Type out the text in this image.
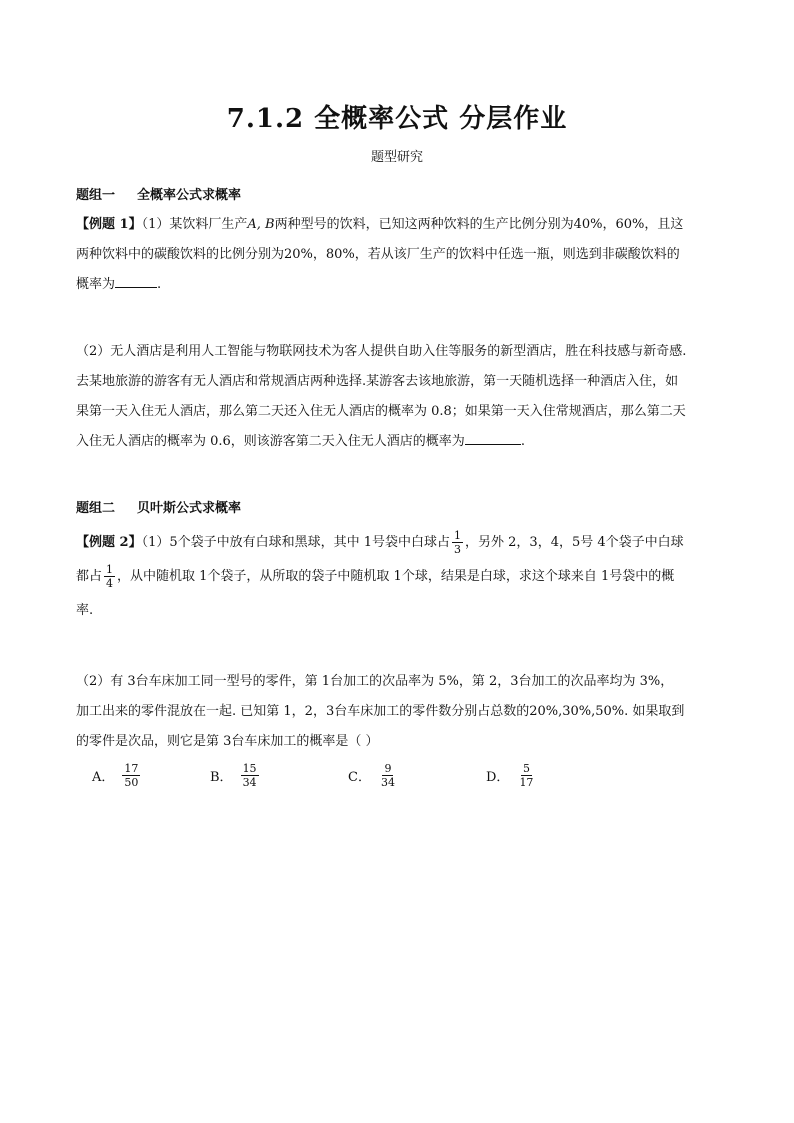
7.1.2 全概率公式 分层作业
题型研究
题组一 全概率公式求概率
【例题 1】（1）某饮料厂生产A, B两种型号的饮料，已知这两种饮料的生产比例分别为40%，60%，且这
两种饮料中的碳酸饮料的比例分别为20%，80%，若从该厂生产的饮料中任选一瓶，则选到非碳酸饮料的
概率为	.
（2）无人酒店是利用人工智能与物联网技术为客人提供自助入住等服务的新型酒店，胜在科技感与新奇感.
去某地旅游的游客有无人酒店和常规酒店两种选择.某游客去该地旅游，第一天随机选择一种酒店入住，如
果第一天入住无人酒店，那么第二天还入住无人酒店的概率为 0.8；如果第一天入住常规酒店，那么第二天
入住无人酒店的概率为 0.6，则该游客第二天入住无人酒店的概率为	.
题组二 贝叶斯公式求概率
【例题 2】（1）5个袋子中放有白球和黑球，其中 1号袋中白球占 $\frac{1}{3}$ ，另外 2，3，4，5号 4个袋子中白球
都占 $\frac{1}{4}$ ，从中随机取 1个袋子，从所取的袋子中随机取 1个球，结果是白球，求这个球来自 1号袋中的概
率.
（2）有 3台车床加工同一型号的零件，第 1台加工的次品率为 5%，第 2，3台加工的次品率均为 3%，
加工出来的零件混放在一起. 已知第 1，2，3台车床加工的零件数分别占总数的20%,30%,50%. 如果取到
的零件是次品，则它是第 3台车床加工的概率是（ ）
A． $\frac{17}{50}$	B． $\frac{15}{34}$	C． $\frac{9}{34}$	D． $\frac{5}{17}$
